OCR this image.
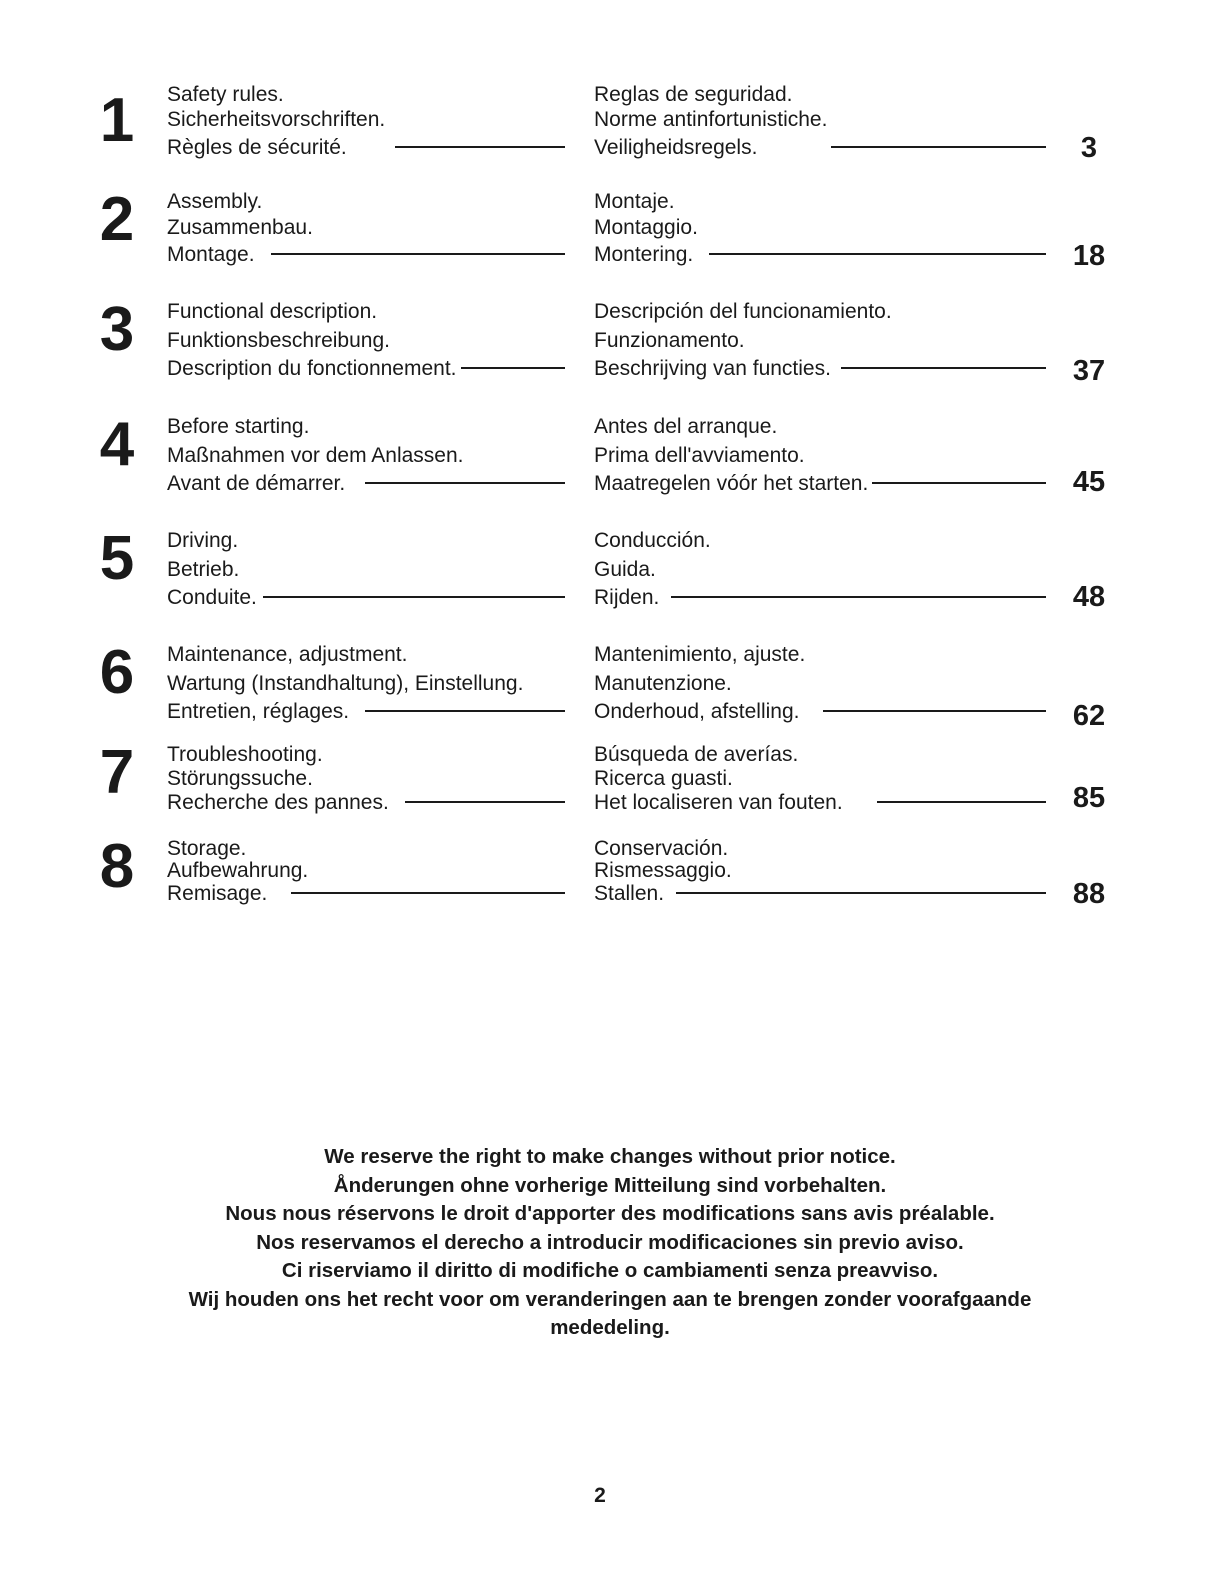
1	Safety rules.
Sicherheitsvorschriften.
Règles de sécurité.
Reglas de seguridad.
Norme antinfortunistiche.
Veiligheidsregels.	3
2	Assembly.
Zusammenbau.
Montage.
Montaje.
Montaggio.
Montering.	18
3	Functional description.
Funktionsbeschreibung.
Description du fonctionnement.
Descripción del funcionamiento.
Funzionamento.
Beschrijving van functies.	37
4	Before starting.
Maßnahmen vor dem Anlassen.
Avant de démarrer.
Antes del arranque.
Prima dell'avviamento.
Maatregelen vóór het starten.	45
5	Driving.
Betrieb.
Conduite.
Conducción.
Guida.
Rijden.	48
6	Maintenance, adjustment.
Wartung (Instandhaltung), Einstellung.
Entretien, réglages.
Mantenimiento, ajuste.
Manutenzione.
Onderhoud, afstelling.	62
7	Troubleshooting.
Störungssuche.
Recherche des pannes.
Búsqueda de averías.
Ricerca guasti.
Het localiseren van fouten.	85
8	Storage.
Aufbewahrung.
Remisage.
Conservación.
Rismessaggio.
Stallen.	88
We reserve the right to make changes without prior notice.
Ånderungen ohne vorherige Mitteilung sind vorbehalten.
Nous nous réservons le droit d'apporter des modifications sans avis préalable.
Nos reservamos el derecho a introducir modificaciones sin previo aviso.
Ci riserviamo il diritto di modifiche o cambiamenti senza preavviso.
Wij houden ons het recht voor om veranderingen aan te brengen zonder voorafgaande
mededeling.
2
